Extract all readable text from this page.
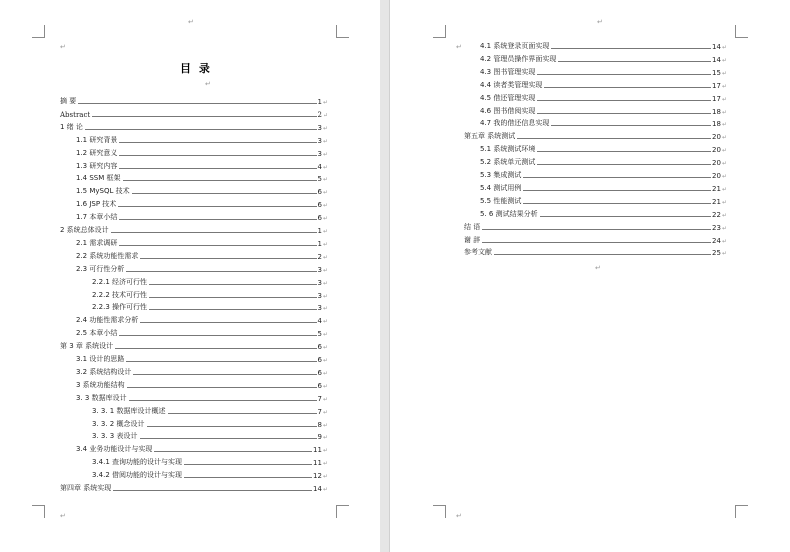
↵
↵
↵
↵
目 录
摘 要	1 ↵
Abstract	2 ↵
1 绪 论	3 ↵
1.1 研究背景	3 ↵
1.2 研究意义	3 ↵
1.3 研究内容	4 ↵
1.4 SSM 框架	5 ↵
1.5 MySQL 技术	6 ↵
1.6 JSP 技术	6 ↵
1.7 本章小结	6 ↵
2 系统总体设计	1 ↵
2.1 需求调研	1 ↵
2.2 系统功能性需求	2 ↵
2.3 可行性分析	3 ↵
2.2.1 经济可行性	3 ↵
2.2.2 技术可行性	3 ↵
2.2.3 操作可行性	3 ↵
2.4 功能性需求分析	4 ↵
2.5 本章小结	5 ↵
第 3 章 系统设计	6 ↵
3.1 设计的思路	6 ↵
3.2 系统结构设计	6 ↵
3 系统功能结构	6 ↵
3. 3 数据库设计	7 ↵
3. 3. 1 数据库设计概述	7 ↵
3. 3. 2 概念设计	8 ↵
3. 3. 3 表设计	9 ↵
3.4 业务功能设计与实现	11 ↵
3.4.1 查询功能的设计与实现	11 ↵
3.4.2 借阅功能的设计与实现	12 ↵
第四章 系统实现	14 ↵
↵
↵
↵
↵
4.1 系统登录页面实现	14 ↵
4.2 管理员操作界面实现	14 ↵
4.3 图书管理实现	15 ↵
4.4 读者类管理实现	17 ↵
4.5 借还管理实现	17 ↵
4.6 图书借阅实现	18 ↵
4.7 我的借还信息实现	18 ↵
第五章 系统测试	20 ↵
5.1 系统测试环境	20 ↵
5.2 系统单元测试	20 ↵
5.3 集成测试	20 ↵
5.4 测试用例	21 ↵
5.5 性能测试	21 ↵
5. 6 测试结果分析	22 ↵
结 语	23 ↵
谢 辞	24 ↵
参考文献	25 ↵
